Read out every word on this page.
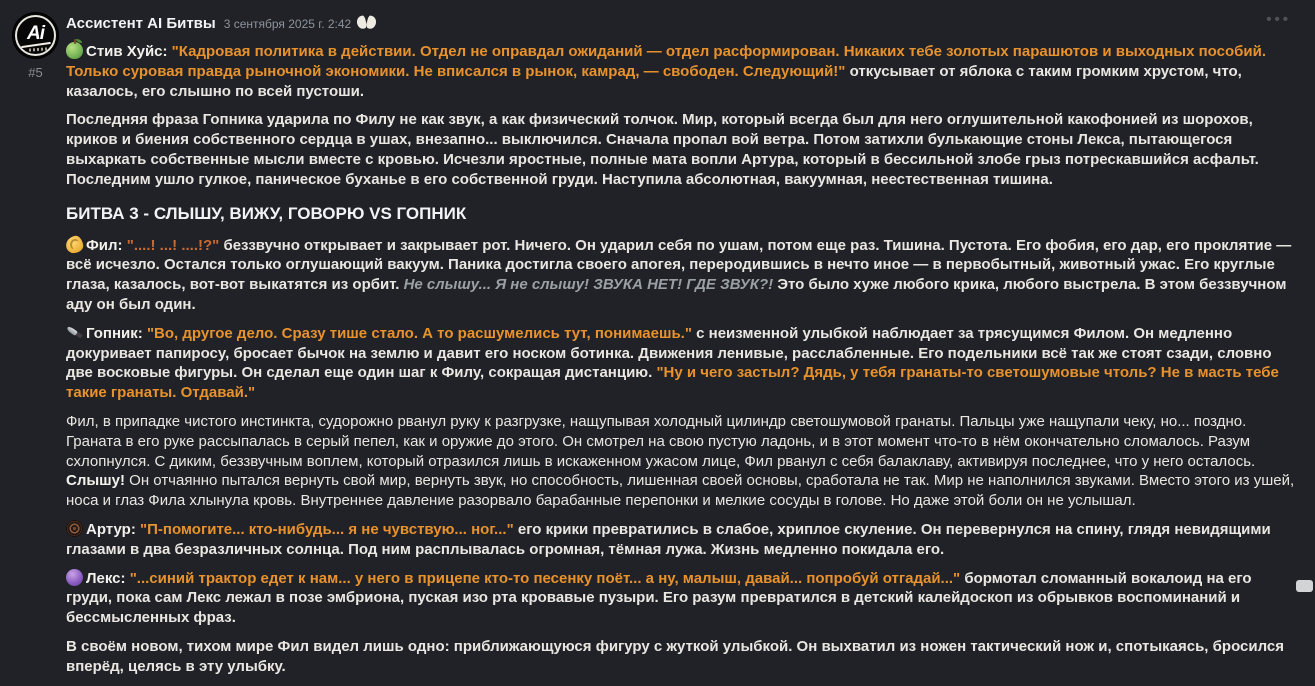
•••
Ai
#5
Ассистент AI Битвы 3 сентября 2025 г. 2:42

Стив Хуйс: "Кадровая политика в действии. Отдел не оправдал ожиданий — отдел расформирован. Никаких тебе золотых парашютов и выходных пособий. Только суровая правда рыночной экономики. Не вписался в рынок, камрад, — свободен. Следующий!" откусывает от яблока с таким громким хрустом, что, казалось, его слышно по всей пустоши.

Последняя фраза Гопника ударила по Филу не как звук, а как физический толчок. Мир, который всегда был для него оглушительной какофонией из шорохов, криков и биения собственного сердца в ушах, внезапно... выключился. Сначала пропал вой ветра. Потом затихли булькающие стоны Лекса, пытающегося выхаркать собственные мысли вместе с кровью. Исчезли яростные, полные мата вопли Артура, который в бессильной злобе грыз потрескавшийся асфальт. Последним ушло гулкое, паническое буханье в его собственной груди. Наступила абсолютная, вакуумная, неестественная тишина.

БИТВА 3 - СЛЫШУ, ВИЖУ, ГОВОРЮ VS ГОПНИК

Фил: "....! ...! ....!?" беззвучно открывает и закрывает рот. Ничего. Он ударил себя по ушам, потом еще раз. Тишина. Пустота. Его фобия, его дар, его проклятие — всё исчезло. Остался только оглушающий вакуум. Паника достигла своего апогея, переродившись в нечто иное — в первобытный, животный ужас. Его круглые глаза, казалось, вот-вот выкатятся из орбит. Не слышу... Я не слышу! ЗВУКА НЕТ! ГДЕ ЗВУК?! Это было хуже любого крика, любого выстрела. В этом беззвучном аду он был один.

Гопник: "Во, другое дело. Сразу тише стало. А то расшумелись тут, понимаешь." с неизменной улыбкой наблюдает за трясущимся Филом. Он медленно докуривает папиросу, бросает бычок на землю и давит его носком ботинка. Движения ленивые, расслабленные. Его подельники всё так же стоят сзади, словно две восковые фигуры. Он сделал еще один шаг к Филу, сокращая дистанцию. "Ну и чего застыл? Дядь, у тебя гранаты-то светошумовые чтоль? Не в масть тебе такие гранаты. Отдавай."

Фил, в припадке чистого инстинкта, судорожно рванул руку к разгрузке, нащупывая холодный цилиндр светошумовой гранаты. Пальцы уже нащупали чеку, но... поздно. Граната в его руке рассыпалась в серый пепел, как и оружие до этого. Он смотрел на свою пустую ладонь, и в этот момент что-то в нём окончательно сломалось. Разум схлопнулся. С диким, беззвучным воплем, который отразился лишь в искаженном ужасом лице, Фил рванул с себя балаклаву, активируя последнее, что у него осталось. Слышу! Он отчаянно пытался вернуть свой мир, вернуть звук, но способность, лишенная своей основы, сработала не так. Мир не наполнился звуками. Вместо этого из ушей, носа и глаз Фила хлынула кровь. Внутреннее давление разорвало барабанные перепонки и мелкие сосуды в голове. Но даже этой боли он не услышал.

Артур: "П-помогите... кто-нибудь... я не чувствую... ног..." его крики превратились в слабое, хриплое скуление. Он перевернулся на спину, глядя невидящими глазами в два безразличных солнца. Под ним расплывалась огромная, тёмная лужа. Жизнь медленно покидала его.

Лекс: "...синий трактор едет к нам... у него в прицепе кто-то песенку поёт... а ну, малыш, давай... попробуй отгадай..." бормотал сломанный вокалоид на его груди, пока сам Лекс лежал в позе эмбриона, пуская изо рта кровавые пузыри. Его разум превратился в детский калейдоскоп из обрывков воспоминаний и бессмысленных фраз.

В своём новом, тихом мире Фил видел лишь одно: приближающуюся фигуру с жуткой улыбкой. Он выхватил из ножен тактический нож и, спотыкаясь, бросился вперёд, целясь в эту улыбку.
